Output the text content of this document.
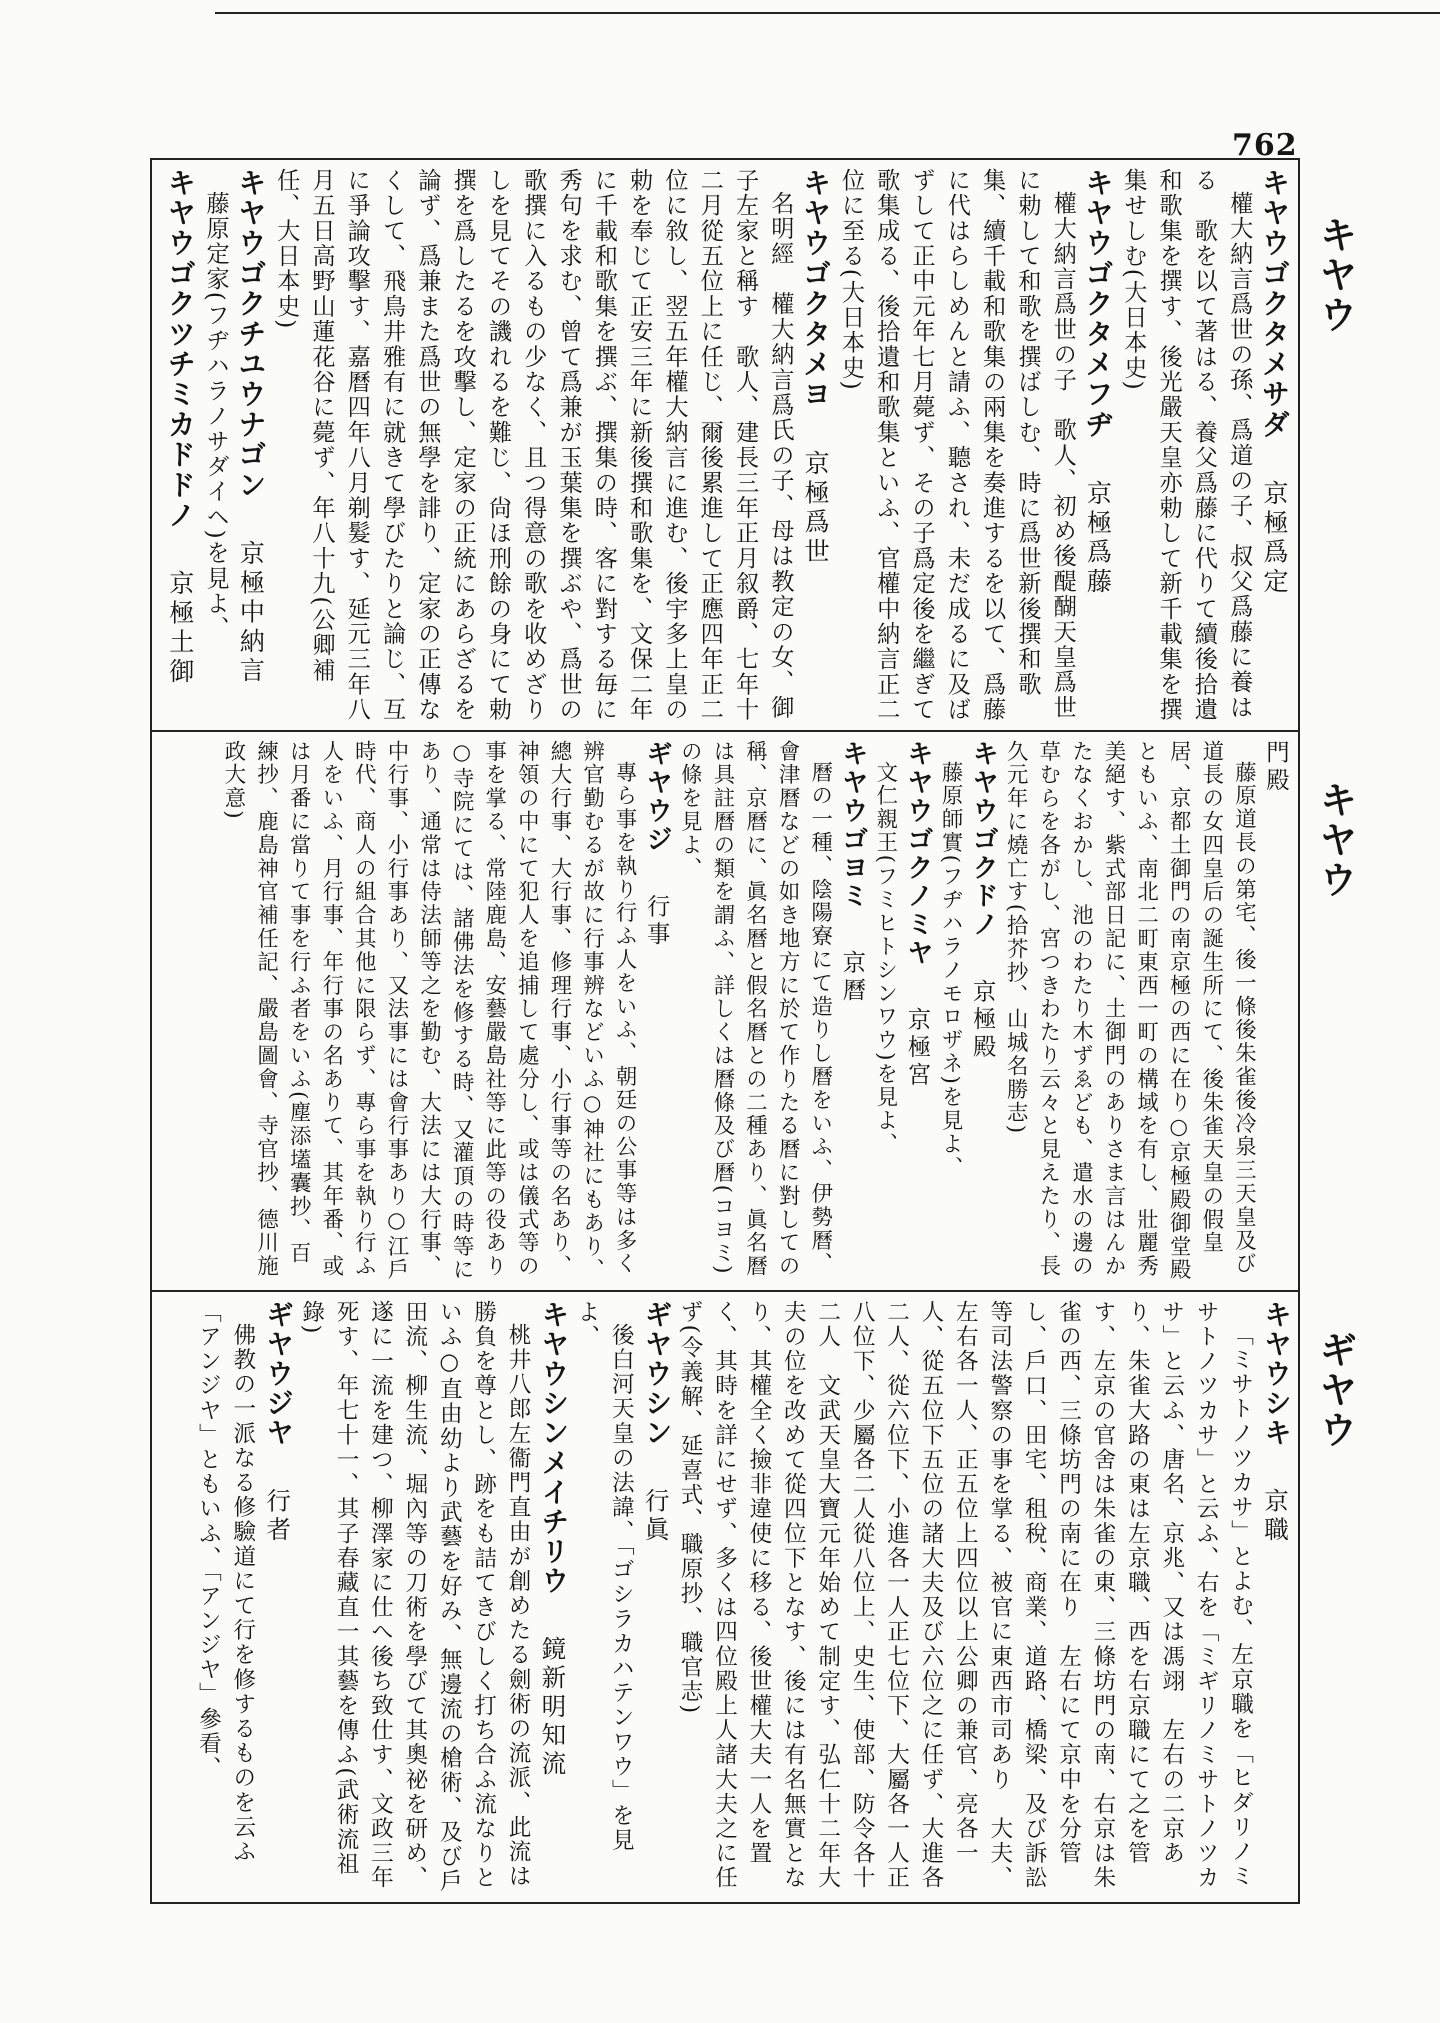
762
キヤウ
キヤウ
ギヤウ
キヤウゴクタメサダ京極爲定
權大納言爲世の孫、爲道の子、叔父爲藤に養はる　歌を以て著はる、養父爲藤に代りて續後拾遺和歌集を撰す、後光嚴天皇亦勅して新千載集を撰集せしむ(大日本史)
キヤウゴクタメフヂ京極爲藤
權大納言爲世の子　歌人、初め後醍醐天皇爲世に勅して和歌を撰ばしむ、時に爲世新後撰和歌集、續千載和歌集の兩集を奏進するを以て、爲藤に代はらしめんと請ふ、聽され、未だ成るに及ばずして正中元年七月薨ず、その子爲定後を繼ぎて歌集成る、後拾遺和歌集といふ、官權中納言正二位に至る(大日本史)
キヤウゴクタメヨ京極爲世
名明經　權大納言爲氏の子、母は教定の女、御子左家と稱す　歌人、建長三年正月叙爵、七年十二月從五位上に任じ、爾後累進して正應四年正二位に敘し、翌五年權大納言に進む、後宇多上皇の勅を奉じて正安三年に新後撰和歌集を、文保二年に千載和歌集を撰ぶ、撰集の時、客に對する毎に秀句を求む、曾て爲兼が玉葉集を撰ぶや、爲世の歌撰に入るもの少なく、且つ得意の歌を收めざりしを見てその譏れるを難じ、尙ほ刑餘の身にて勅撰を爲したるを攻擊し、定家の正統にあらざるを論ず、爲兼また爲世の無學を誹り、定家の正傳なくして、飛鳥井雅有に就きて學びたりと論じ、互に爭論攻擊す、嘉曆四年八月剃髮す、延元三年八月五日高野山蓮花谷に薨ず、年八十九(公卿補任、大日本史)
キヤウゴクチユウナゴン京極中納言
藤原定家(フヂハラノサダイヘ)を見よ、
キヤウゴクツチミカドドノ京極土御
門殿
藤原道長の第宅、後一條後朱雀後冷泉三天皇及び道長の女四皇后の誕生所にて、後朱雀天皇の假皇居、京都土御門の南京極の西に在り○京極殿御堂殿ともいふ、南北二町東西一町の構域を有し、壯麗秀美絕す、紫式部日記に、土御門のありさま言はんかたなくおかし、池のわたり木ずゑども、遣水の邊の草むらを各がし、宮つきわたり云々と見えたり、長久元年に燒亡す(拾芥抄、山城名勝志)
キヤウゴクドノ京極殿
藤原師實(フヂハラノモロザネ)を見よ、
キヤウゴクノミヤ京極宮
文仁親王(フミヒトシンワウ)を見よ、
キヤウゴヨミ京曆
曆の一種、陰陽寮にて造りし曆をいふ、伊勢曆、會津曆などの如き地方に於て作りたる曆に對しての稱、京曆に、眞名曆と假名曆との二種あり、眞名曆は具註曆の類を謂ふ、詳しくは曆條及び曆(コヨミ)の條を見よ、
ギヤウジ行事
專ら事を執り行ふ人をいふ、朝廷の公事等は多く辨官勤むるが故に行事辨などいふ○神社にもあり、總大行事、大行事、修理行事、小行事等の名あり、神領の中にて犯人を追捕して處分し、或は儀式等の事を掌る、常陸鹿島、安藝嚴島社等に此等の役あり○寺院にては、諸佛法を修する時、又灌頂の時等にあり、通常は侍法師等之を勤む、大法には大行事、中行事、小行事あり、又法事には會行事あり○江戶時代、商人の組合其他に限らず、專ら事を執り行ふ人をいふ、月行事、年行事の名ありて、其年番、或は月番に當りて事を行ふ者をいふ(塵添壒囊抄、百練抄、鹿島神官補任記、嚴島圖會、寺官抄、德川施政大意)
キヤウシキ京職
「ミサトノツカサ」とよむ、左京職を「ヒダリノミサトノツカサ」と云ふ、右を「ミギリノミサトノツカサ」と云ふ、唐名、京兆、又は馮翊　左右の二京あり、朱雀大路の東は左京職、西を右京職にて之を管す、左京の官舍は朱雀の東、三條坊門の南、右京は朱雀の西、三條坊門の南に在り　左右にて京中を分管し、戶口、田宅、租稅、商業、道路、橋梁、及び訴訟等司法警察の事を掌る、被官に東西市司あり　大夫、左右各一人、正五位上四位以上公卿の兼官、亮各一人、從五位下五位の諸大夫及び六位之に任ず、大進各二人、從六位下、小進各一人正七位下、大屬各一人正八位下、少屬各二人從八位上、史生、使部、防令各十二人　文武天皇大寶元年始めて制定す、弘仁十二年大夫の位を改めて從四位下となす、後には有名無實となり、其權全く撿非違使に移る、後世權大夫一人を置く、其時を詳にせず、多くは四位殿上人諸大夫之に任ず(令義解、延喜式、職原抄、職官志)
ギヤウシン行眞
後白河天皇の法諱、「ゴシラカハテンワウ」を見よ、
キヤウシンメイチリウ鏡新明知流
桃井八郎左衞門直由が創めたる劍術の流派、此流は勝負を尊とし、跡をも詰てきびしく打ち合ふ流なりといふ○直由幼より武藝を好み、無邊流の槍術、及び戶田流、柳生流、堀內等の刀術を學びて其奧祕を研め、遂に一流を建つ、柳澤家に仕へ後ち致仕す、文政三年死す、年七十一、其子春藏直一其藝を傳ふ(武術流祖錄)
ギヤウジヤ行者
佛教の一派なる修驗道にて行を修するものを云ふ「アンジヤ」ともいふ、「アンジヤ」參看、
